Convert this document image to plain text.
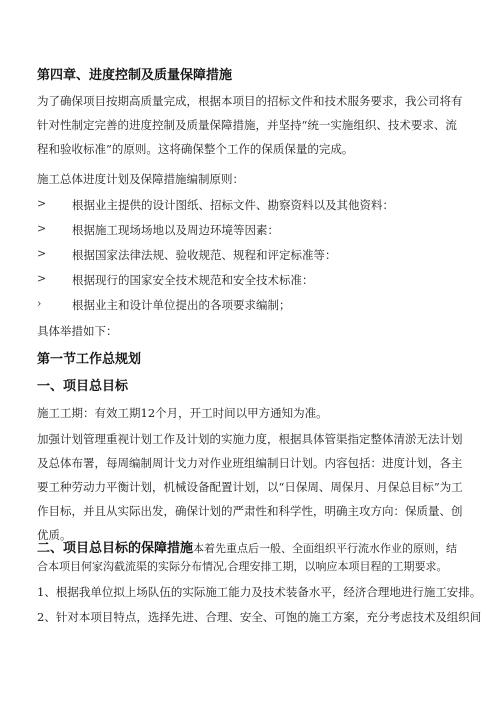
第四章、进度控制及质量保障措施
为了确保项目按期高质量完成，根据本项目的招标文件和技术服务要求，我公司将有针对性制定完善的进度控制及质量保障措施，并坚持“统一实施组织、技术要求、流程和验收标准”的原则。这将确保整个工作的保质保量的完成。
施工总体进度计划及保障措施编制原则：
> 根据业主提供的设计图纸、招标文件、勘察资料以及其他资料：
> 根据施工现场场地以及周边环境等因素：
> 根据国家法律法规、验收规范、规程和评定标准等：
> 根据现行的国家安全技术规范和安全技术标准：
›	根据业主和设计单位提出的各项要求编制；
具体举措如下：
第一节工作总规划
一、项目总目标
施工工期：有效工期12个月，开工时间以甲方通知为准。
加强计划管理重视计划工作及计划的实施力度，根据具体管渠指定整体清淤无法计划及总体布署，每周编制周计戈力对作业班组编制日计划。内容包括：进度计划，各主要工种劳动力平衡计划，机械设备配置计划，以“日保周、周保月、月保总目标”为工作目标，并且从实际出发，确保计划的严肃性和科学性，明确主攻方向：保质量、创优质。
二、项目总目标的保障措施本着先重点后一般、全面组织平行流水作业的原则，结合本项目何家沟截流渠的实际分布情况,合理安排工期，以响应本项目程的工期要求。
1、根据我单位拟上场队伍的实际施工能力及技术装备水平，经济合理地进行施工安排。
2、针对本项目特点，选择先进、合理、安全、可饱的施工方案，充分考虑技术及组织间
